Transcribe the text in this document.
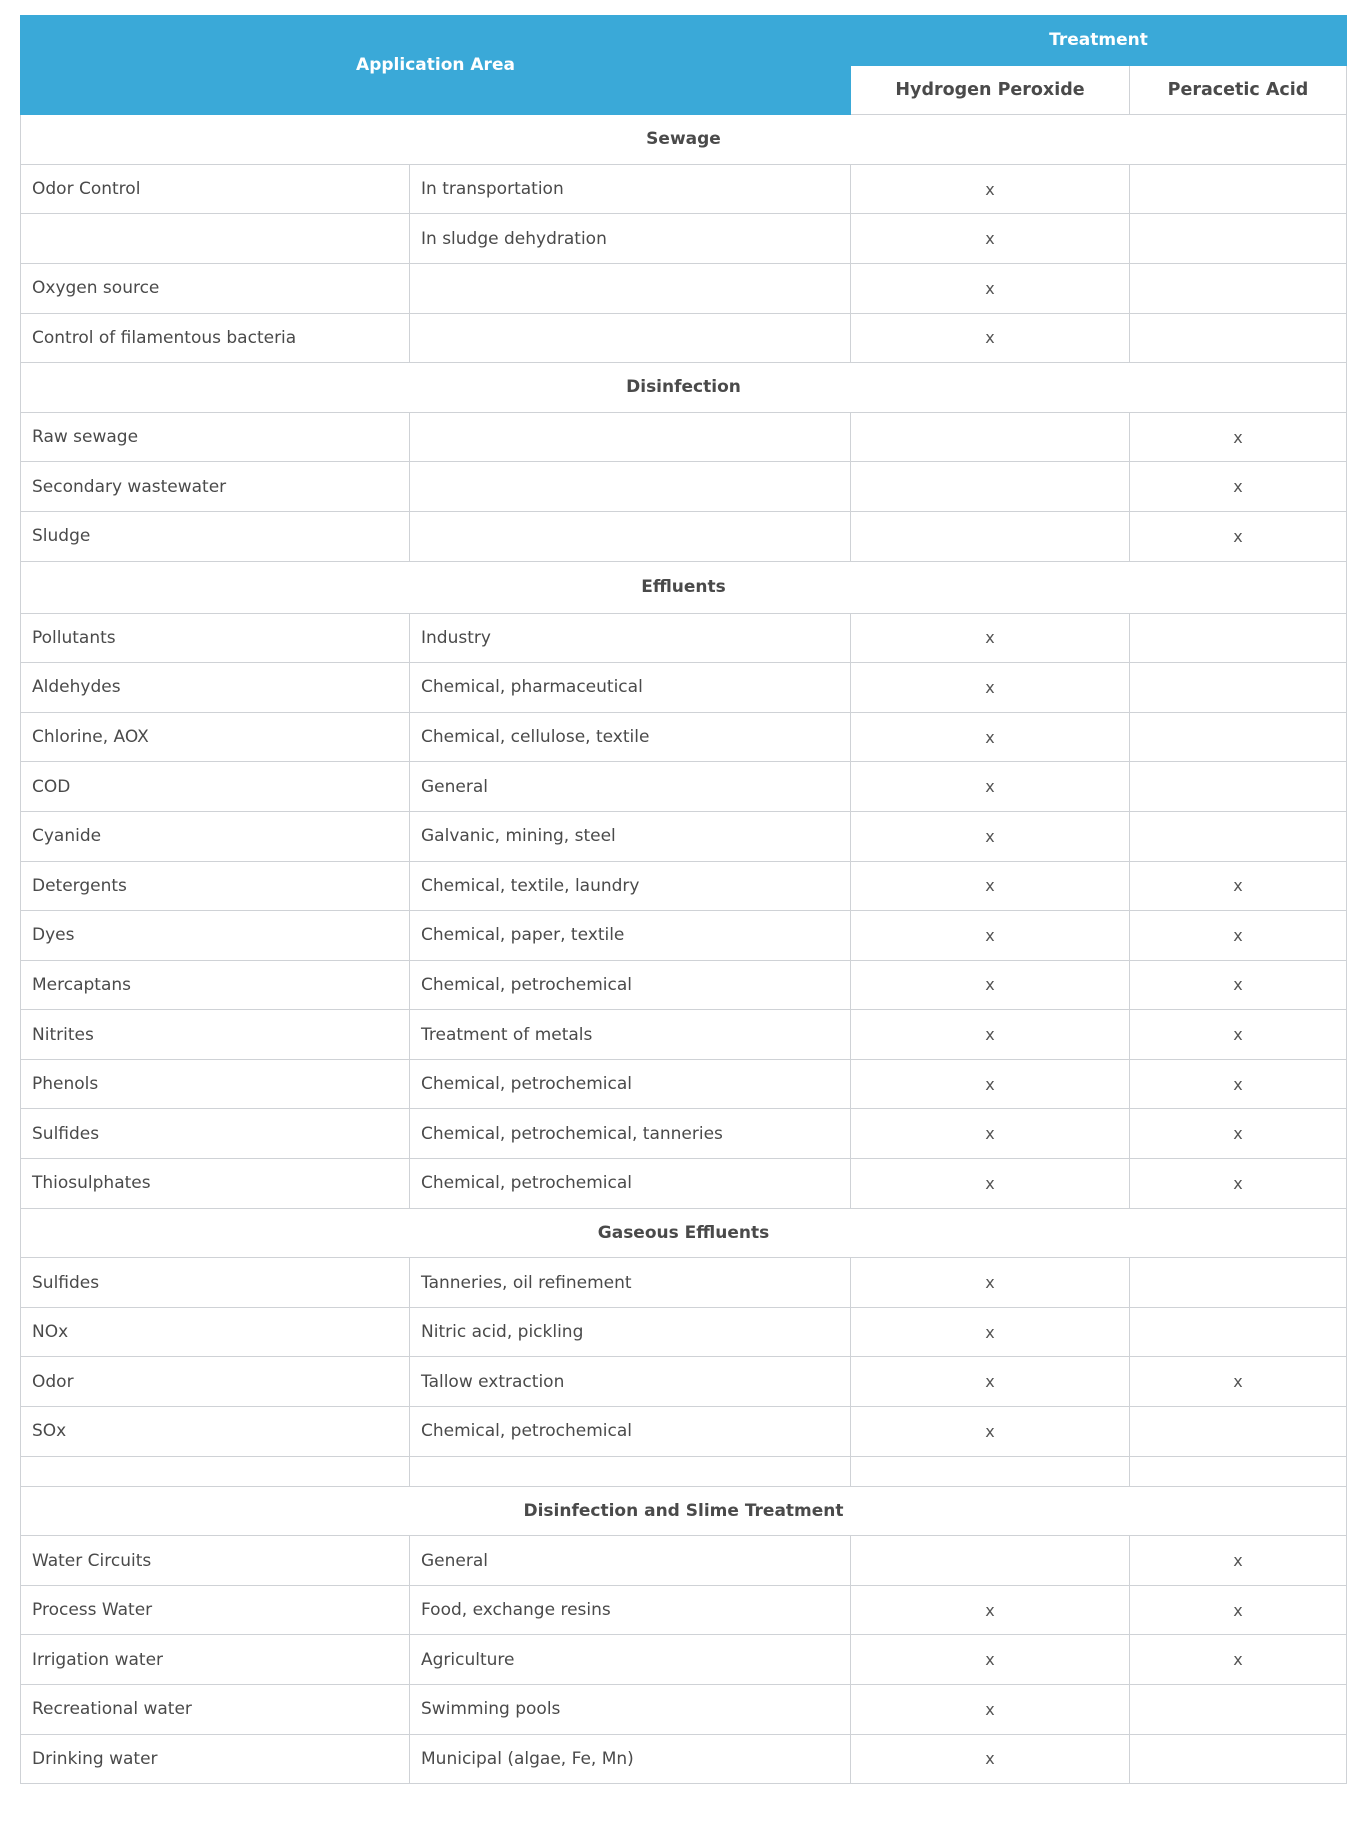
Application Area		Treatment	
		Hydrogen Peroxide	Peracetic Acid
Sewage			
Odor Control	In transportation	x	
	In sludge dehydration	x	
Oxygen source		x	
Control of filamentous bacteria		x	
Disinfection			
Raw sewage			x
Secondary wastewater			x
Sludge			x
Effluents			
Pollutants	Industry	x	
Aldehydes	Chemical, pharmaceutical	x	
Chlorine, AOX	Chemical, cellulose, textile	x	
COD	General	x	
Cyanide	Galvanic, mining, steel	x	
Detergents	Chemical, textile, laundry	x	x
Dyes	Chemical, paper, textile	x	x
Mercaptans	Chemical, petrochemical	x	x
Nitrites	Treatment of metals	x	x
Phenols	Chemical, petrochemical	x	x
Sulfides	Chemical, petrochemical, tanneries	x	x
Thiosulphates	Chemical, petrochemical	x	x
Gaseous Effluents			
Sulfides	Tanneries, oil refinement	x	
NOx	Nitric acid, pickling	x	
Odor	Tallow extraction	x	x
SOx	Chemical, petrochemical	x	

Disinfection and Slime Treatment			
Water Circuits	General		x
Process Water	Food, exchange resins	x	x
Irrigation water	Agriculture	x	x
Recreational water	Swimming pools	x	
Drinking water	Municipal (algae, Fe, Mn)	x	
